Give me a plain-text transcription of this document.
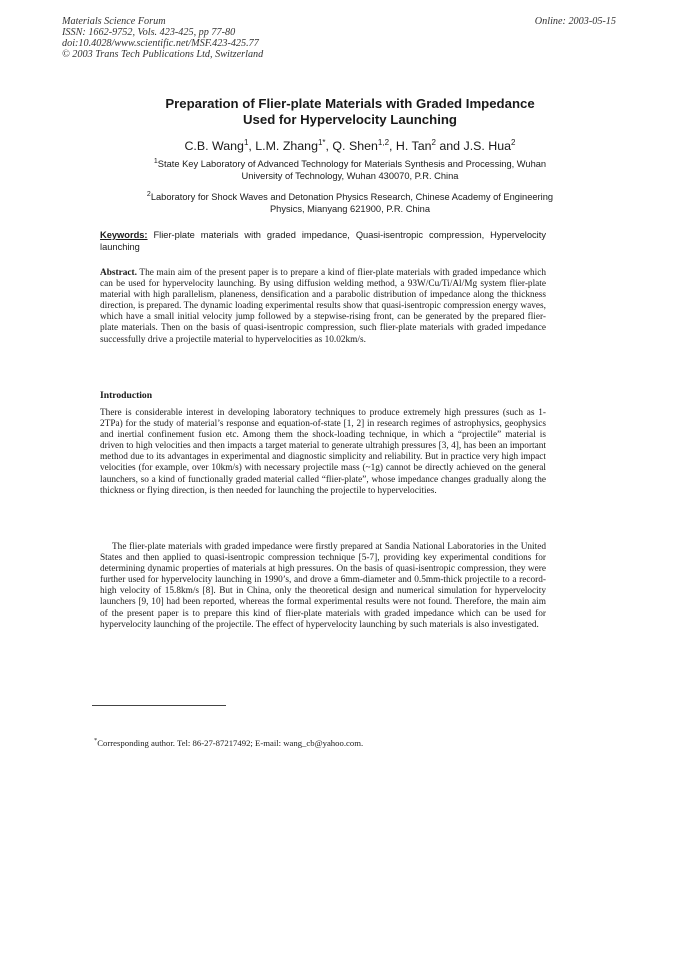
Materials Science Forum
ISSN: 1662-9752, Vols. 423-425, pp 77-80
doi:10.4028/www.scientific.net/MSF.423-425.77
© 2003 Trans Tech Publications Ltd, Switzerland
Online: 2003-05-15
Preparation of Flier-plate Materials with Graded Impedance
Used for Hypervelocity Launching
C.B. Wang$^1$, L.M. Zhang$^{1*}$, Q. Shen$^{1,2}$, H. Tan$^2$ and J.S. Hua$^2$
$^1$State Key Laboratory of Advanced Technology for Materials Synthesis and Processing, Wuhan
University of Technology, Wuhan 430070, P.R. China
$^2$Laboratory for Shock Waves and Detonation Physics Research, Chinese Academy of Engineering
Physics, Mianyang 621900, P.R. China
Keywords: Flier-plate materials with graded impedance, Quasi-isentropic compression, Hypervelocity launching
Abstract. The main aim of the present paper is to prepare a kind of flier-plate materials with graded impedance which can be used for hypervelocity launching. By using diffusion welding method, a 93W/Cu/Ti/Al/Mg system flier-plate material with high parallelism, planeness, densification and a parabolic distribution of impedance along the thickness direction, is prepared. The dynamic loading experimental results show that quasi-isentropic compression energy waves, which have a small initial velocity jump followed by a stepwise-rising front, can be generated by the prepared flier-plate materials. Then on the basis of quasi-isentropic compression, such flier-plate materials with graded impedance successfully drive a projectile material to hypervelocities as 10.02km/s.
Introduction
There is considerable interest in developing laboratory techniques to produce extremely high pressures (such as 1-2TPa) for the study of material’s response and equation-of-state [1, 2] in research regimes of astrophysics, geophysics and inertial confinement fusion etc. Among them the shock-loading technique, in which a “projectile” material is driven to high velocities and then impacts a target material to generate ultrahigh pressures [3, 4], has been an important method due to its advantages in experimental and diagnostic simplicity and reliability. But in practice very high impact velocities (for example, over 10km/s) with necessary projectile mass (~1g) cannot be directly achieved on the general launchers, so a kind of functionally graded material called “flier-plate”, whose impedance changes gradually along the thickness or flying direction, is then needed for launching the projectile to hypervelocities.
The flier-plate materials with graded impedance were firstly prepared at Sandia National Laboratories in the United States and then applied to quasi-isentropic compression technique [5-7], providing key experimental conditions for determining dynamic properties of materials at high pressures. On the basis of quasi-isentropic compression, they were further used for hypervelocity launching in 1990’s, and drove a 6mm-diameter and 0.5mm-thick projectile to a record-high velocity of 15.8km/s [8]. But in China, only the theoretical design and numerical simulation for hypervelocity launchers [9, 10] had been reported, whereas the formal experimental results were not found. Therefore, the main aim of the present paper is to prepare this kind of flier-plate materials with graded impedance which can be used for hypervelocity launching of the projectile. The effect of hypervelocity launching by such materials is also investigated.
*Corresponding author. Tel: 86-27-87217492; E-mail: wang_cb@yahoo.com.
